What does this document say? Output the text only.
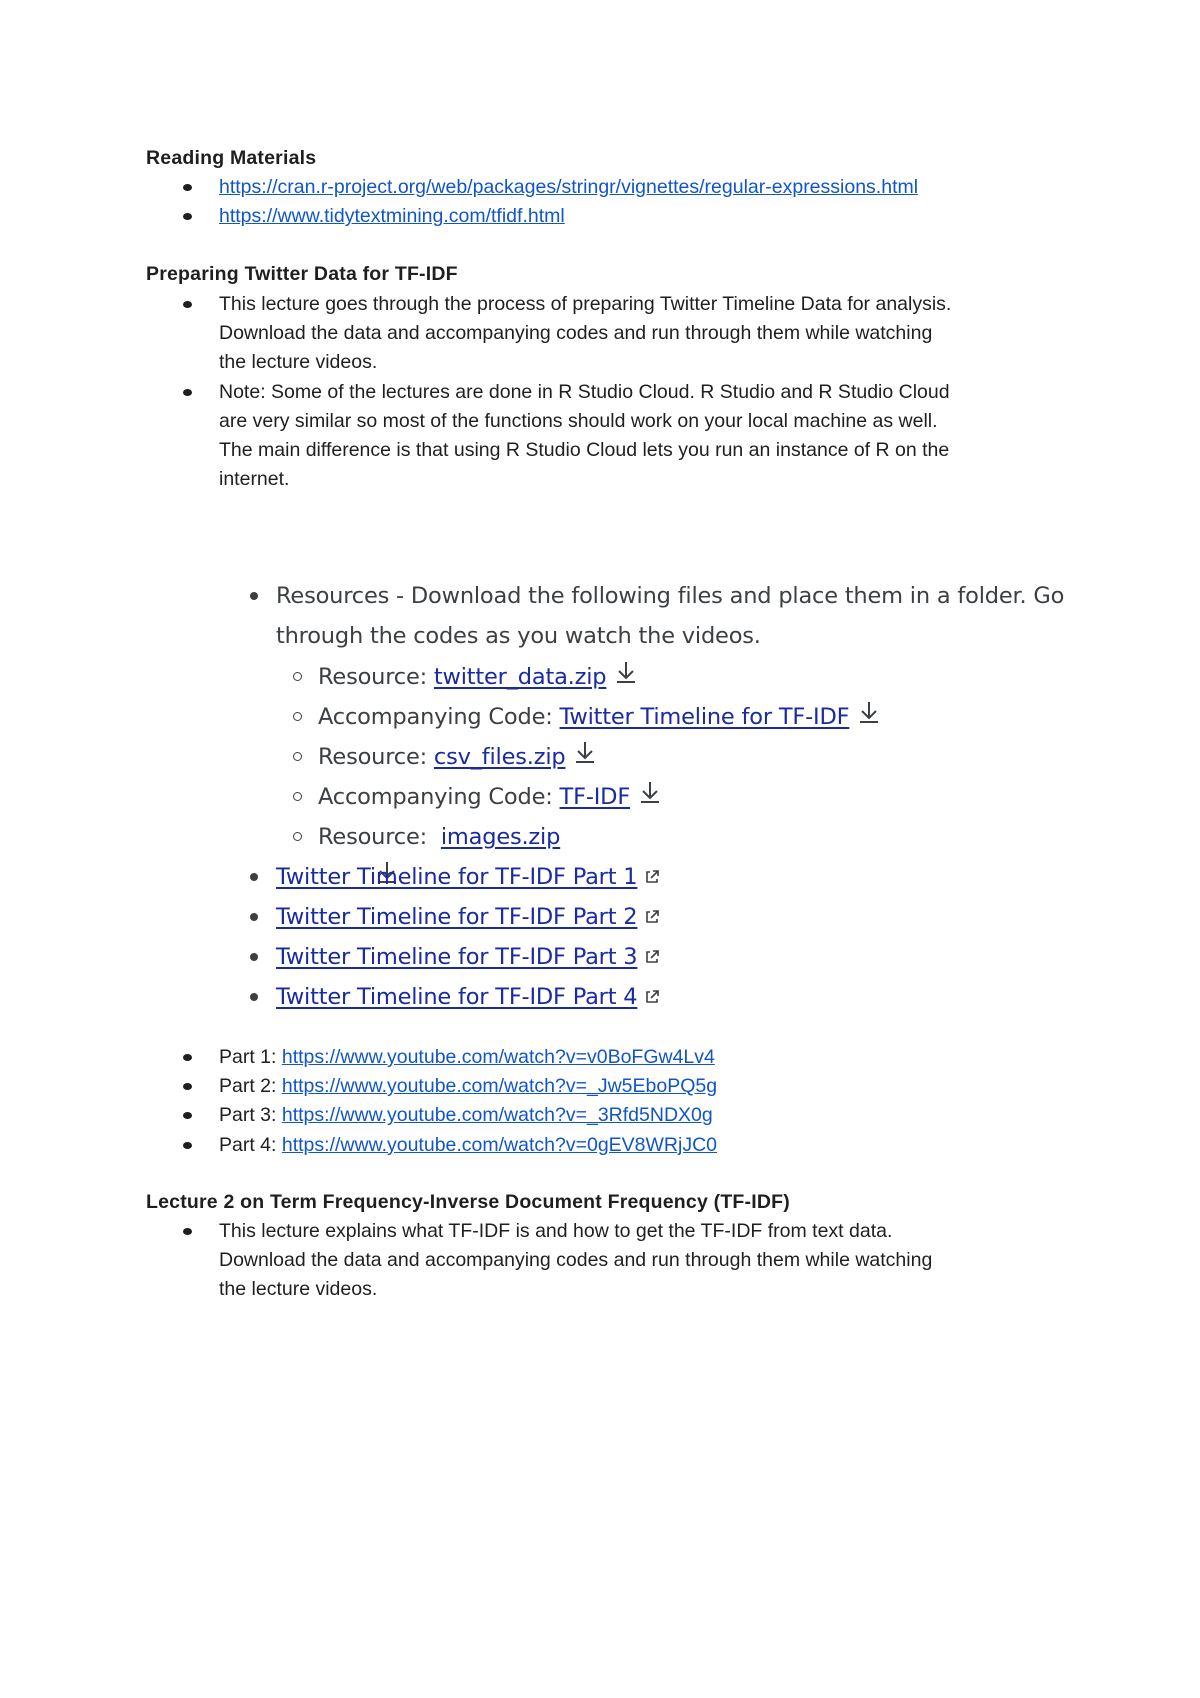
Reading Materials
https://cran.r-project.org/web/packages/stringr/vignettes/regular-expressions.html
https://www.tidytextmining.com/tfidf.html
Preparing Twitter Data for TF-IDF
This lecture goes through the process of preparing Twitter Timeline Data for analysis.
Download the data and accompanying codes and run through them while watching
the lecture videos.
Note: Some of the lectures are done in R Studio Cloud. R Studio and R Studio Cloud
are very similar so most of the functions should work on your local machine as well.
The main difference is that using R Studio Cloud lets you run an instance of R on the
internet.
Resources - Download the following files and place them in a folder. Go
through the codes as you watch the videos.
Resource: twitter_data.zip
Accompanying Code: Twitter Timeline for TF-IDF
Resource: csv_files.zip
Accompanying Code: TF-IDF
Resource:  images.zip

Twitter Timeline for TF-IDF Part 1
Twitter Timeline for TF-IDF Part 2
Twitter Timeline for TF-IDF Part 3
Twitter Timeline for TF-IDF Part 4
Part 1: https://www.youtube.com/watch?v=v0BoFGw4Lv4
Part 2: https://www.youtube.com/watch?v=_Jw5EboPQ5g
Part 3: https://www.youtube.com/watch?v=_3Rfd5NDX0g
Part 4: https://www.youtube.com/watch?v=0gEV8WRjJC0
Lecture 2 on Term Frequency-Inverse Document Frequency (TF-IDF)
This lecture explains what TF-IDF is and how to get the TF-IDF from text data.
Download the data and accompanying codes and run through them while watching
the lecture videos.
